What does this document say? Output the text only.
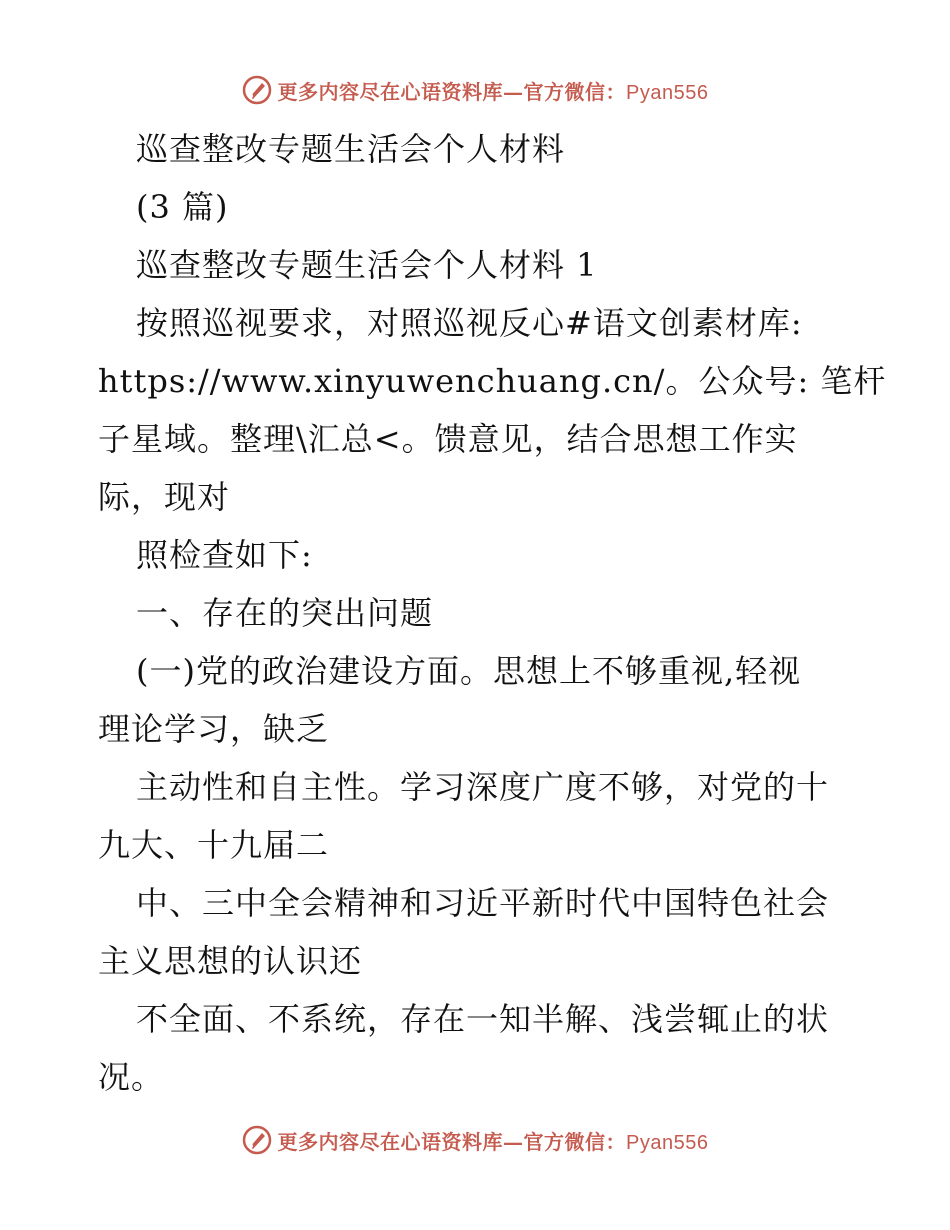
更多内容尽在心语资料库—官方微信：Pyan556
巡查整改专题生活会个人材料
(3 篇)
巡查整改专题生活会个人材料 1
按照巡视要求，对照巡视反心#语文创素材库:
https://www.xinyuwenchuang.cn/。公众号: 笔杆
子星域。整理\汇总<。馈意见，结合思想工作实
际，现对
照检查如下:
一、存在的突出问题
(一)党的政治建设方面。思想上不够重视,轻视
理论学习，缺乏
主动性和自主性。学习深度广度不够，对党的十
九大、十九届二
中、三中全会精神和习近平新时代中国特色社会
主义思想的认识还
不全面、不系统，存在一知半解、浅尝辄止的状
况。
更多内容尽在心语资料库—官方微信：Pyan556
